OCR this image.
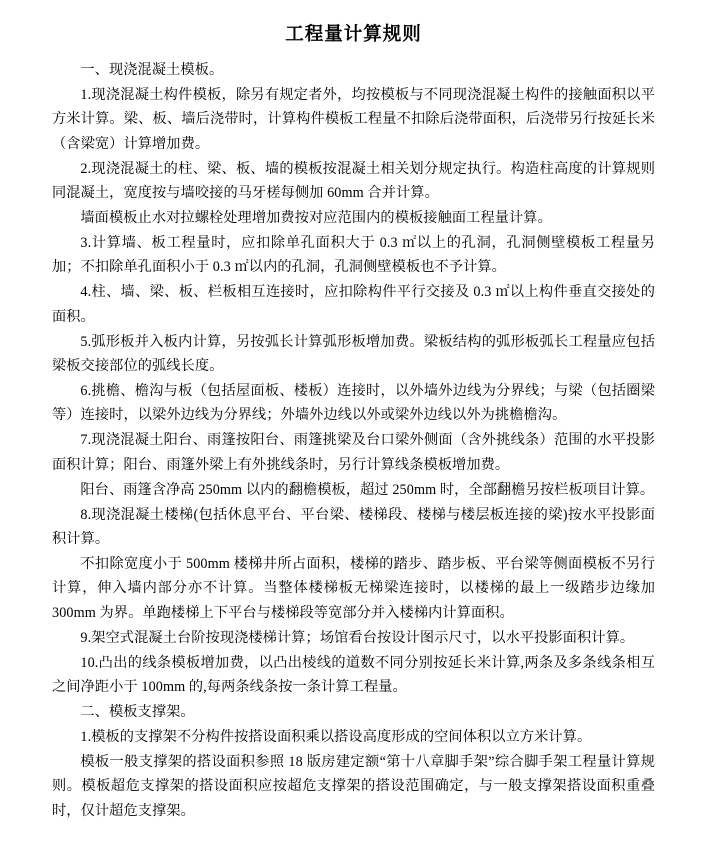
工程量计算规则

一、现浇混凝土模板。

1.现浇混凝土构件模板，除另有规定者外，均按模板与不同现浇混凝土构件的接触面积以平方米计算。梁、板、墙后浇带时，计算构件模板工程量不扣除后浇带面积，后浇带另行按延长米（含梁宽）计算增加费。

2.现浇混凝土的柱、梁、板、墙的模板按混凝土相关划分规定执行。构造柱高度的计算规则同混凝土，宽度按与墙咬接的马牙槎每侧加 60mm 合并计算。

墙面模板止水对拉螺栓处理增加费按对应范围内的模板接触面工程量计算。

3.计算墙、板工程量时，应扣除单孔面积大于 0.3 ㎡以上的孔洞，孔洞侧壁模板工程量另加；不扣除单孔面积小于 0.3 ㎡以内的孔洞，孔洞侧壁模板也不予计算。

4.柱、墙、梁、板、栏板相互连接时，应扣除构件平行交接及 0.3 ㎡以上构件垂直交接处的面积。

5.弧形板并入板内计算，另按弧长计算弧形板增加费。梁板结构的弧形板弧长工程量应包括梁板交接部位的弧线长度。

6.挑檐、檐沟与板（包括屋面板、楼板）连接时，以外墙外边线为分界线；与梁（包括圈梁等）连接时，以梁外边线为分界线；外墙外边线以外或梁外边线以外为挑檐檐沟。

7.现浇混凝土阳台、雨篷按阳台、雨篷挑梁及台口梁外侧面（含外挑线条）范围的水平投影面积计算；阳台、雨篷外梁上有外挑线条时，另行计算线条模板增加费。

阳台、雨篷含净高 250mm 以内的翻檐模板，超过 250mm 时，全部翻檐另按栏板项目计算。

8.现浇混凝土楼梯(包括休息平台、平台梁、楼梯段、楼梯与楼层板连接的梁)按水平投影面积计算。

不扣除宽度小于 500mm 楼梯井所占面积，楼梯的踏步、踏步板、平台梁等侧面模板不另行计算，伸入墙内部分亦不计算。当整体楼梯板无梯梁连接时，以楼梯的最上一级踏步边缘加 300mm 为界。单跑楼梯上下平台与楼梯段等宽部分并入楼梯内计算面积。

9.架空式混凝土台阶按现浇楼梯计算；场馆看台按设计图示尺寸，以水平投影面积计算。

10.凸出的线条模板增加费，以凸出棱线的道数不同分别按延长米计算,两条及多条线条相互之间净距小于 100mm 的,每两条线条按一条计算工程量。

二、模板支撑架。

1.模板的支撑架不分构件按搭设面积乘以搭设高度形成的空间体积以立方米计算。

模板一般支撑架的搭设面积参照 18 版房建定额“第十八章脚手架”综合脚手架工程量计算规则。模板超危支撑架的搭设面积应按超危支撑架的搭设范围确定，与一般支撑架搭设面积重叠时，仅计超危支撑架。
